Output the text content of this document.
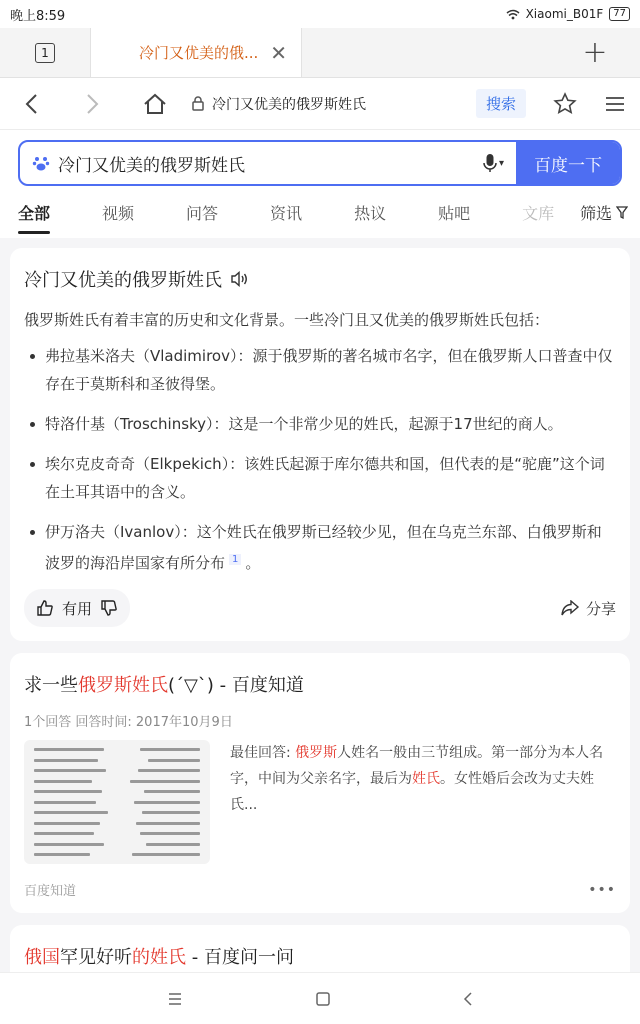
晚上8:59	Xiaomi_B01F	77
1	冷门又优美的俄... ✕	+
冷门又优美的俄罗斯姓氏	搜索
冷门又优美的俄罗斯姓氏	▾	百度一下
全部	视频	问答	资讯	热议	贴吧	文库 筛选
冷门又优美的俄罗斯姓氏
俄罗斯姓氏有着丰富的历史和文化背景。一些冷门且又优美的俄罗斯姓氏包括：
弗拉基米洛夫（Vladimirov）：源于俄罗斯的著名城市名字，但在俄罗斯人口普查中仅存在于莫斯科和圣彼得堡。
特洛什基（Troschinsky）：这是一个非常少见的姓氏，起源于17世纪的商人。
埃尔克皮奇奇（Elkpekich）：该姓氏起源于库尔德共和国，但代表的是“驼鹿”这个词在土耳其语中的含义。
伊万洛夫（Ivanlov）：这个姓氏在俄罗斯已经较少见，但在乌克兰东部、白俄罗斯和波罗的海沿岸国家有所分布 $^1$ 。
有用	分享
求一些俄罗斯姓氏(ˊ▽ˋ) - 百度知道
1个回答 回答时间: 2017年10月9日
最佳回答: 俄罗斯人姓名一般由三节组成。第一部分为本人名字，中间为父亲名字，最后为姓氏。女性婚后会改为丈夫姓氏...
百度知道	•••
俄国罕见好听的姓氏 - 百度问一问
